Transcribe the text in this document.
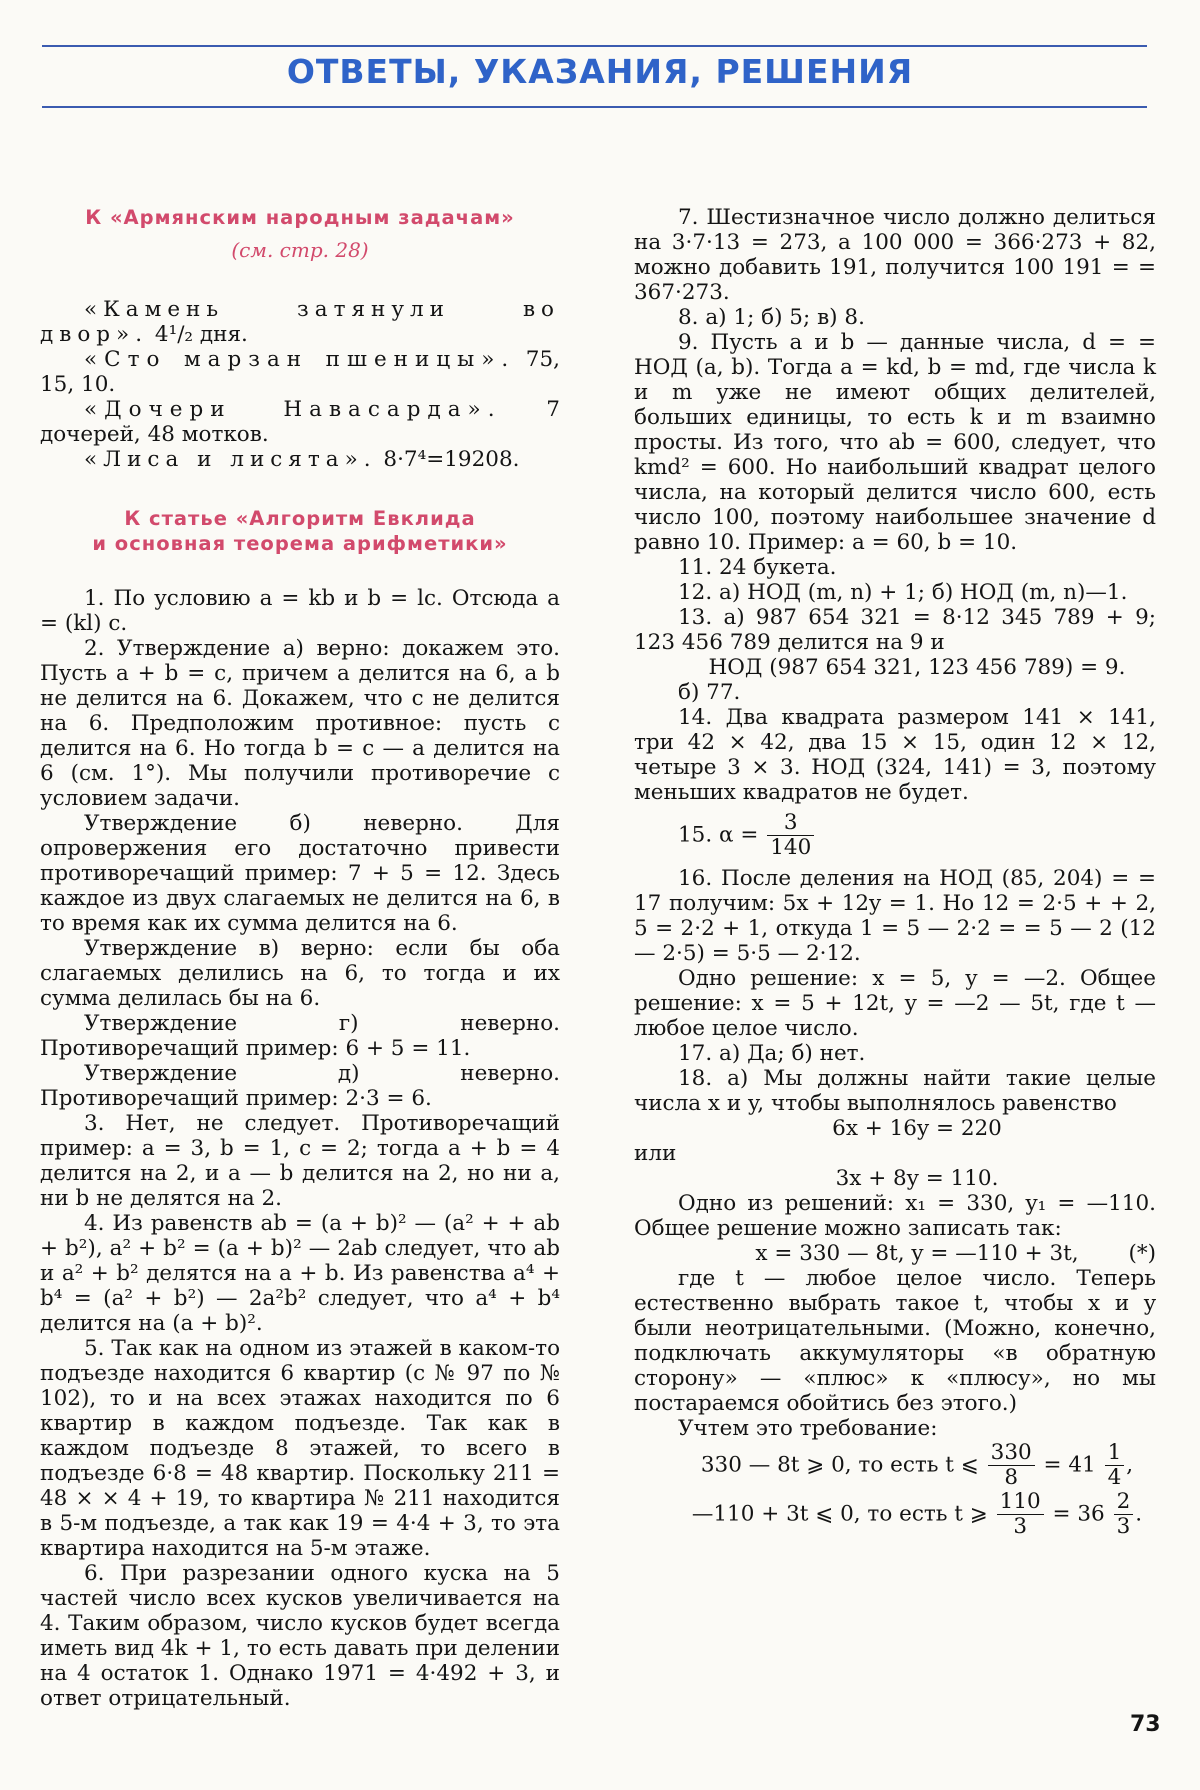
ОТВЕТЫ, УКАЗАНИЯ, РЕШЕНИЯ
К «Армянским народным задачам»
(см. стр. 28)

«Камень затянули во двор». 4¹/₂ дня.

«Сто марзан пшеницы». 75, 15, 10.

«Дочери Навасарда». 7 дочерей, 48 мотков.

«Лиса и лисята». 8·7⁴=19208.

К статье «Алгоритм Евклида
и основная теорема арифметики»

1. По условию a = kb и b = lc. Отсюда a = (kl) c.

2. Утверждение а) верно: докажем это. Пусть a + b = c, причем a делится на 6, а b не делится на 6. Докажем, что c не делится на 6. Предположим противное: пусть c делится на 6. Но тогда b = c — a делится на 6 (см. 1°). Мы получили противоречие с условием задачи.

Утверждение б) неверно. Для опровержения его достаточно привести противоречащий пример: 7 + 5 = 12. Здесь каждое из двух слагаемых не делится на 6, в то время как их сумма делится на 6.

Утверждение в) верно: если бы оба слагаемых делились на 6, то тогда и их сумма делилась бы на 6.

Утверждение г) неверно. Противоречащий пример: 6 + 5 = 11.

Утверждение д) неверно. Противоречащий пример: 2·3 = 6.

3. Нет, не следует. Противоречащий пример: a = 3, b = 1, c = 2; тогда a + b = 4 делится на 2, и a — b делится на 2, но ни a, ни b не делятся на 2.

4. Из равенств ab = (a + b)² — (a² + + ab + b²), a² + b² = (a + b)² — 2ab следует, что ab и a² + b² делятся на a + b. Из равенства a⁴ + b⁴ = (a² + b²) — 2a²b² следует, что a⁴ + b⁴ делится на (a + b)².

5. Так как на одном из этажей в каком-то подъезде находится 6 квартир (с № 97 по № 102), то и на всех этажах находится по 6 квартир в каждом подъезде. Так как в каждом подъезде 8 этажей, то всего в подъезде 6·8 = 48 квартир. Поскольку 211 = 48 × × 4 + 19, то квартира № 211 находится в 5-м подъезде, а так как 19 = 4·4 + 3, то эта квартира находится на 5-м этаже.

6. При разрезании одного куска на 5 частей число всех кусков увеличивается на 4. Таким образом, число кусков будет всегда иметь вид 4k + 1, то есть давать при делении на 4 остаток 1. Однако 1971 = 4·492 + 3, и ответ отрицательный.

7. Шестизначное число должно делиться на 3·7·13 = 273, а 100 000 = 366·273 + 82, можно добавить 191, получится 100 191 = = 367·273.

8. а) 1; б) 5; в) 8.

9. Пусть a и b — данные числа, d = = НОД (a, b). Тогда a = kd, b = md, где числа k и m уже не имеют общих делителей, больших единицы, то есть k и m взаимно просты. Из того, что ab = 600, следует, что kmd² = 600. Но наибольший квадрат целого числа, на который делится число 600, есть число 100, поэтому наибольшее значение d равно 10. Пример: a = 60, b = 10.

11. 24 букета.

12. а) НОД (m, n) + 1; б) НОД (m, n)—1.

13. а) 987 654 321 = 8·12 345 789 + 9; 123 456 789 делится на 9 и

НОД (987 654 321, 123 456 789) = 9.

б) 77.

14. Два квадрата размером 141 × 141, три 42 × 42, два 15 × 15, один 12 × 12, четыре 3 × 3. НОД (324, 141) = 3, поэтому меньших квадратов не будет.

15. $\alpha = \frac{3}{140}$

16. После деления на НОД (85, 204) = = 17 получим: 5x + 12y = 1. Но 12 = 2·5 + + 2, 5 = 2·2 + 1, откуда 1 = 5 — 2·2 = = 5 — 2 (12 — 2·5) = 5·5 — 2·12.

Одно решение: x = 5, y = —2. Общее решение: x = 5 + 12t, y = —2 — 5t, где t — любое целое число.

17. а) Да; б) нет.

18. а) Мы должны найти такие целые числа x и y, чтобы выполнялось равенство

6x + 16y = 220

или

3x + 8y = 110.

Одно из решений: x₁ = 330, y₁ = —110. Общее решение можно записать так:

x = 330 — 8t, y = —110 + 3t,	(*)

где t — любое целое число. Теперь естественно выбрать такое t, чтобы x и y были неотрицательными. (Можно, конечно, подключать аккумуляторы «в обратную сторону» — «плюс» к «плюсу», но мы постараемся обойтись без этого.)

Учтем это требование:

330 — 8t ⩾ 0, то есть t ⩽ $\frac{330}{8} = 41 \frac{1}{4}$ ,

—110 + 3t ⩽ 0, то есть t ⩾ $\frac{110}{3} = 36 \frac{2}{3}$ .

73
